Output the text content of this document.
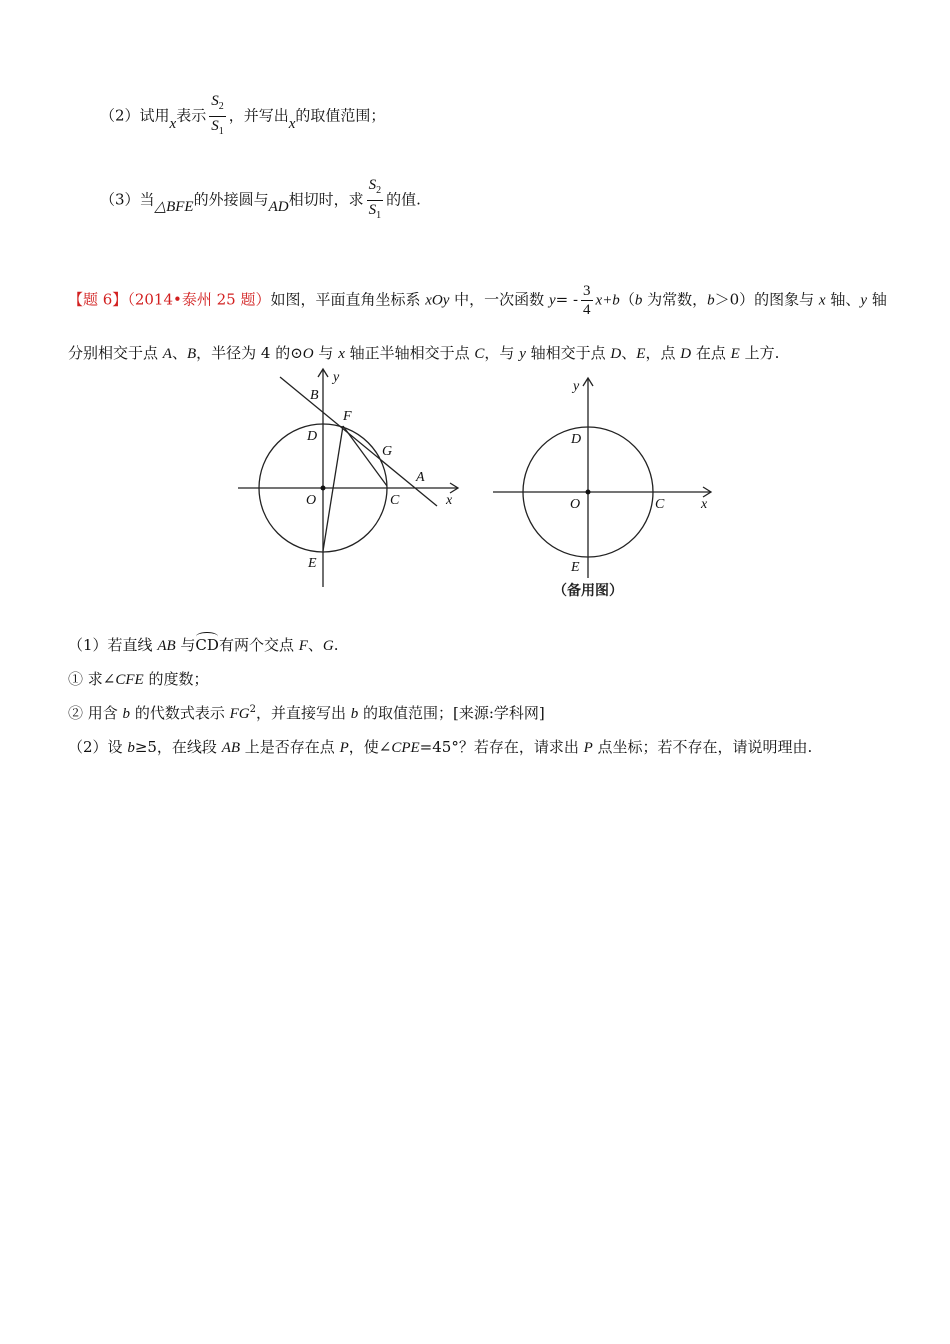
（2）试用x表示 $\frac{S_2}{S_1}$ ，并写出x的取值范围；
（3）当△BFE的外接圆与AD相切时，求 $\frac{S_2}{S_1}$ 的值.
【题 6】（2014•泰州 25 题）如图，平面直角坐标系 xOy 中，一次函数 $y= - \frac{3}{4} x+b(b$ 为常数，b＞0）的图象与 x 轴、y 轴
分别相交于点 A、B，半径为 4 的⊙O 与 x 轴正半轴相交于点 C，与 y 轴相交于点 D、E，点 D 在点 E 上方.
y
B
F
D
G
A
O	C	x
E
y
D
O	C	x
E
（备用图）
（1）若直线 AB 与CD有两个交点 F、G.
① 求∠CFE 的度数；
② 用含 b 的代数式表示 $FG^2$，并直接写出 b 的取值范围；[来源:学科网]
（2）设 b≥5，在线段 AB 上是否存在点 P，使∠CPE=45°？若存在，请求出 P 点坐标；若不存在，请说明理由.
